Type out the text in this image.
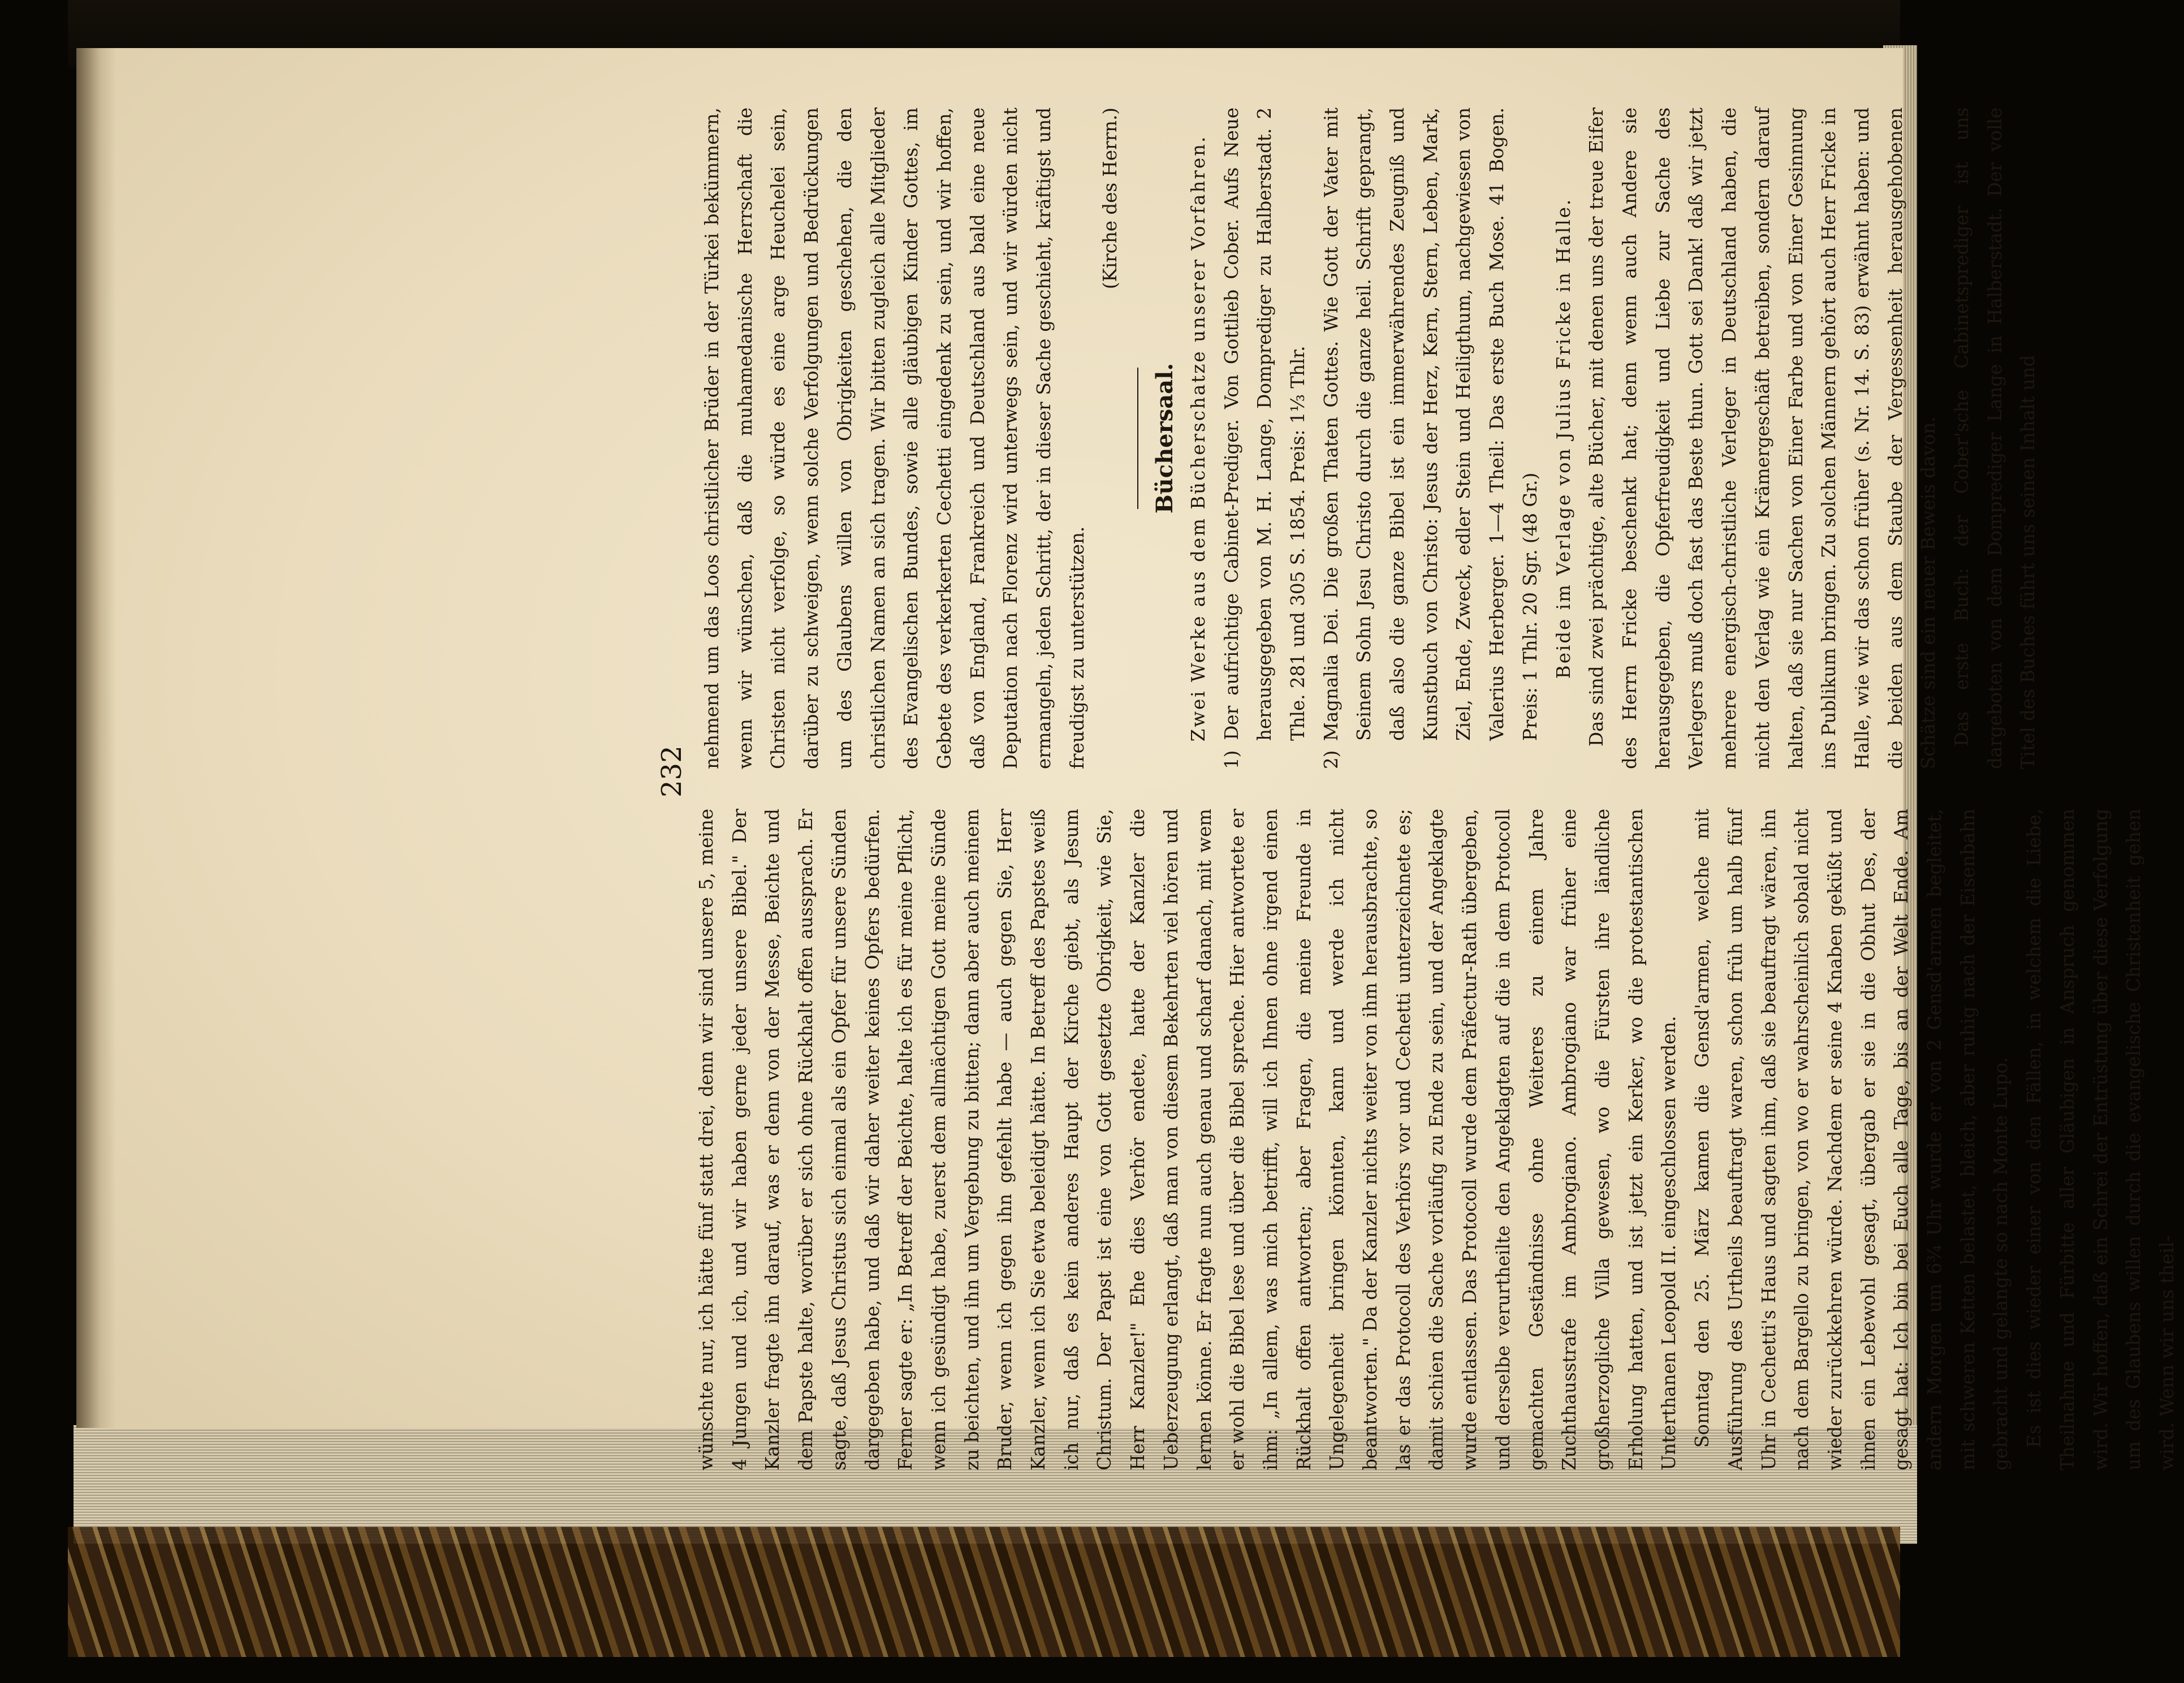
232

wünschte nur, ich hätte fünf statt drei, denn wir sind unsere 5, meine 4 Jungen und ich, und wir haben gerne jeder unsere Bibel." Der Kanzler fragte ihn darauf, was er denn von der Messe, Beichte und dem Papste halte, worüber er sich ohne Rückhalt offen aussprach. Er sagte, daß Jesus Christus sich einmal als ein Opfer für unsere Sünden dargegeben habe, und daß wir daher weiter keines Opfers bedürfen. Ferner sagte er: „In Betreff der Beichte, halte ich es für meine Pflicht, wenn ich gesündigt habe, zuerst dem allmächtigen Gott meine Sünde zu beichten, und ihn um Vergebung zu bitten; dann aber auch meinem Bruder, wenn ich gegen ihn gefehlt habe — auch gegen Sie, Herr Kanzler, wenn ich Sie etwa beleidigt hätte. In Betreff des Papstes weiß ich nur, daß es kein anderes Haupt der Kirche giebt, als Jesum Christum. Der Papst ist eine von Gott gesetzte Obrigkeit, wie Sie, Herr Kanzler!" Ehe dies Verhör endete, hatte der Kanzler die Ueberzeugung erlangt, daß man von diesem Bekehrten viel hören und lernen könne. Er fragte nun auch genau und scharf danach, mit wem er wohl die Bibel lese und über die Bibel spreche. Hier antwortete er ihm: „In allem, was mich betrifft, will ich Ihnen ohne irgend einen Rückhalt offen antworten; aber Fragen, die meine Freunde in Ungelegenheit bringen könnten, kann und werde ich nicht beantworten." Da der Kanzler nichts weiter von ihm herausbrachte, so las er das Protocoll des Verhörs vor und Cechetti unterzeichnete es; damit schien die Sache vorläufig zu Ende zu sein, und der Angeklagte wurde entlassen. Das Protocoll wurde dem Präfectur-Rath übergeben, und derselbe verurtheilte den Angeklagten auf die in dem Protocoll gemachten Geständnisse ohne Weiteres zu einem Jahre Zuchthausstrafe im Ambrogiano. Ambrogiano war früher eine großherzogliche Villa gewesen, wo die Fürsten ihre ländliche Erholung hatten, und ist jetzt ein Kerker, wo die protestantischen Unterthanen Leopold II. eingeschlossen werden. Sonntag den 25. März kamen die Gensd'armen, welche mit Ausführung des Urtheils beauftragt waren, schon früh um halb fünf Uhr in Cechetti's Haus und sagten ihm, daß sie beauftragt wären, ihn nach dem Bargello zu bringen, von wo er wahrscheinlich sobald nicht wieder zurückkehren würde. Nachdem er seine 4 Knaben geküßt und ihnen ein Lebewohl gesagt, übergab er sie in die Obhut Des, der gesagt hat: Ich bin bei Euch alle Tage, bis an der Welt Ende. Am andern Morgen um 6¾ Uhr wurde er von 2 Gensd'armen begleitet, mit schweren Ketten belastet, bleich, aber ruhig nach der Eisenbahn gebracht und gelangte so nach Monte Lupo. Es ist dies wieder einer von den Fällen, in welchem die Liebe, Theilnahme und Fürbitte aller Gläubigen in Anspruch genommen wird. Wir hoffen, daß ein Schrei der Entrüstung über diese Verfolgung um des Glaubens willen durch die evangelische Christenheit gehen wird. Wenn wir uns theil-

nehmend um das Loos christlicher Brüder in der Türkei bekümmern, wenn wir wünschen, daß die muhamedanische Herrschaft die Christen nicht verfolge, so würde es eine arge Heuchelei sein, darüber zu schweigen, wenn solche Verfolgungen und Bedrückungen um des Glaubens willen von Obrigkeiten geschehen, die den christlichen Namen an sich tragen. Wir bitten zugleich alle Mitglieder des Evangelischen Bundes, sowie alle gläubigen Kinder Gottes, im Gebete des verkerkerten Cechetti eingedenk zu sein, und wir hoffen, daß von England, Frankreich und Deutschland aus bald eine neue Deputation nach Florenz wird unterwegs sein, und wir würden nicht ermangeln, jeden Schritt, der in dieser Sache geschieht, kräftigst und freudigst zu unterstützen.

(Kirche des Herrn.)

Büchersaal. Zwei Werke aus dem Bücherschatze unserer Vorfahren. 1) Der aufrichtige Cabinet-Prediger. Von Gottlieb Cober. Aufs Neue herausgegeben von M. H. Lange, Domprediger zu Halberstadt. 2 Thle. 281 und 305 S. 1854. Preis: 1⅓ Thlr. 2) Magnalia Dei. Die großen Thaten Gottes. Wie Gott der Vater mit Seinem Sohn Jesu Christo durch die ganze heil. Schrift geprangt, daß also die ganze Bibel ist ein immerwährendes Zeugniß und Kunstbuch von Christo: Jesus der Herz, Kern, Stern, Leben, Mark, Ziel, Ende, Zweck, edler Stein und Heiligthum, nachgewiesen von Valerius Herberger. 1—4 Theil: Das erste Buch Mose. 41 Bogen. Preis: 1 Thlr. 20 Sgr. (48 Gr.) Beide im Verlage von Julius Fricke in Halle. Das sind zwei prächtige, alte Bücher, mit denen uns der treue Eifer des Herrn Fricke beschenkt hat; denn wenn auch Andere sie herausgegeben, die Opferfreudigkeit und Liebe zur Sache des Verlegers muß doch fast das Beste thun. Gott sei Dank! daß wir jetzt mehrere energisch-christliche Verleger in Deutschland haben, die nicht den Verlag wie ein Krämergeschäft betreiben, sondern darauf halten, daß sie nur Sachen von Einer Farbe und von Einer Gesinnung ins Publikum bringen. Zu solchen Männern gehört auch Herr Fricke in Halle, wie wir das schon früher (s. Nr. 14. S. 83) erwähnt haben: und die beiden aus dem Staube der Vergessenheit herausgehobenen Schätze sind ein neuer Beweis davon. Das erste Buch: der Cober'sche Cabinetsprediger ist uns dargeboten von dem Domprediger Lange in Halberstadt. Der volle Titel des Buches führt uns seinen Inhalt und
